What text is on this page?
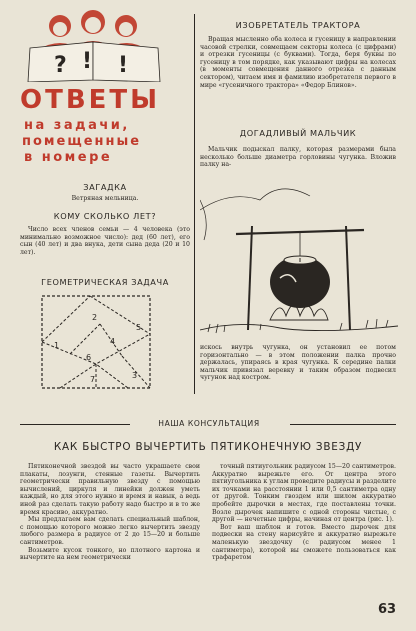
? ! !
ОТВЕТЫ
на задачи,
помещенные
в номере
ЗАГАДКА
Ветряная мельница.
КОМУ СКОЛЬКО ЛЕТ?

Число всех членов семьи — 4 человека (это минимально возможное число): дед (60 лет), его сын (40 лет) и два внука, дети сына деда (20 и 10 лет).

ГЕОМЕТРИЧЕСКАЯ ЗАДАЧА
1
2
3
4
5
6
7
ИЗОБРЕТАТЕЛЬ ТРАКТОРА

Вращая мысленно оба колеса и гусеницу в направлении часовой стрелки, совмещаем секторы колеса (с цифрами) и отрезки гусеницы (с буквами). Тогда, беря буквы по гусеницу в том порядке, как указывают цифры на колесах (в моменты совмещения данного отрезка с данным сектором), читаем имя и фамилию изобретателя первого в мире «гусеничного трактора» «Федор Блинов».

ДОГАДЛИВЫЙ МАЛЬЧИК

Мальчик подыскал палку, которая размерами была несколько больше диаметра горловины чугунка. Вложив палку на-

искось внутрь чугунка, он установил ее потом горизонтально — в этом положении палка прочно держалась, упираясь в края чугунка. К середине палки мальчик привязал веревку и таким образом подвесил чугунок над костром.

НАША КОНСУЛЬТАЦИЯ
КАК БЫСТРО ВЫЧЕРТИТЬ ПЯТИКОНЕЧНУЮ ЗВЕЗДУ

Пятиконечной звездой вы часто украшаете свои плакаты, лозунги, стенные газеты. Вычертить геометрически правильную звезду с помощью вычислений, циркуля и линейки должен уметь каждый, но для этого нужно и время и навык, а ведь иной раз сделать такую работу надо быстро и в то же время красиво, аккуратно.

Мы предлагаем вам сделать специальный шаблон, с помощью которого можно легко вычертить звезду любого размера в радиусе от 2 до 15—20 и больше сантиметров.

Возьмите кусок тонкого, но плотного картона и вычертите на нем геометрически

точный пятиугольник радиусом 15—20 сантиметров. Аккуратно вырежьте его. От центра этого пятиугольника к углам проведите радиусы и разделите их точками на расстоянии 1 или 0,5 сантиметра одну от другой. Тонким гвоздем или шилом аккуратно пробейте дырочки в местах, где поставлены точки. Возле дырочек напишите с одной стороны чистые, с другой — нечетные цифры, начиная от центра (рис. 1).

Вот ваш шаблон и готов. Вместо дырочек для подвески на стену нарисуйте и аккуратно вырежьте маленькую звездочку (с радиусом менее 1 сантиметра), которой вы сможете пользоваться как трафаретом

63
